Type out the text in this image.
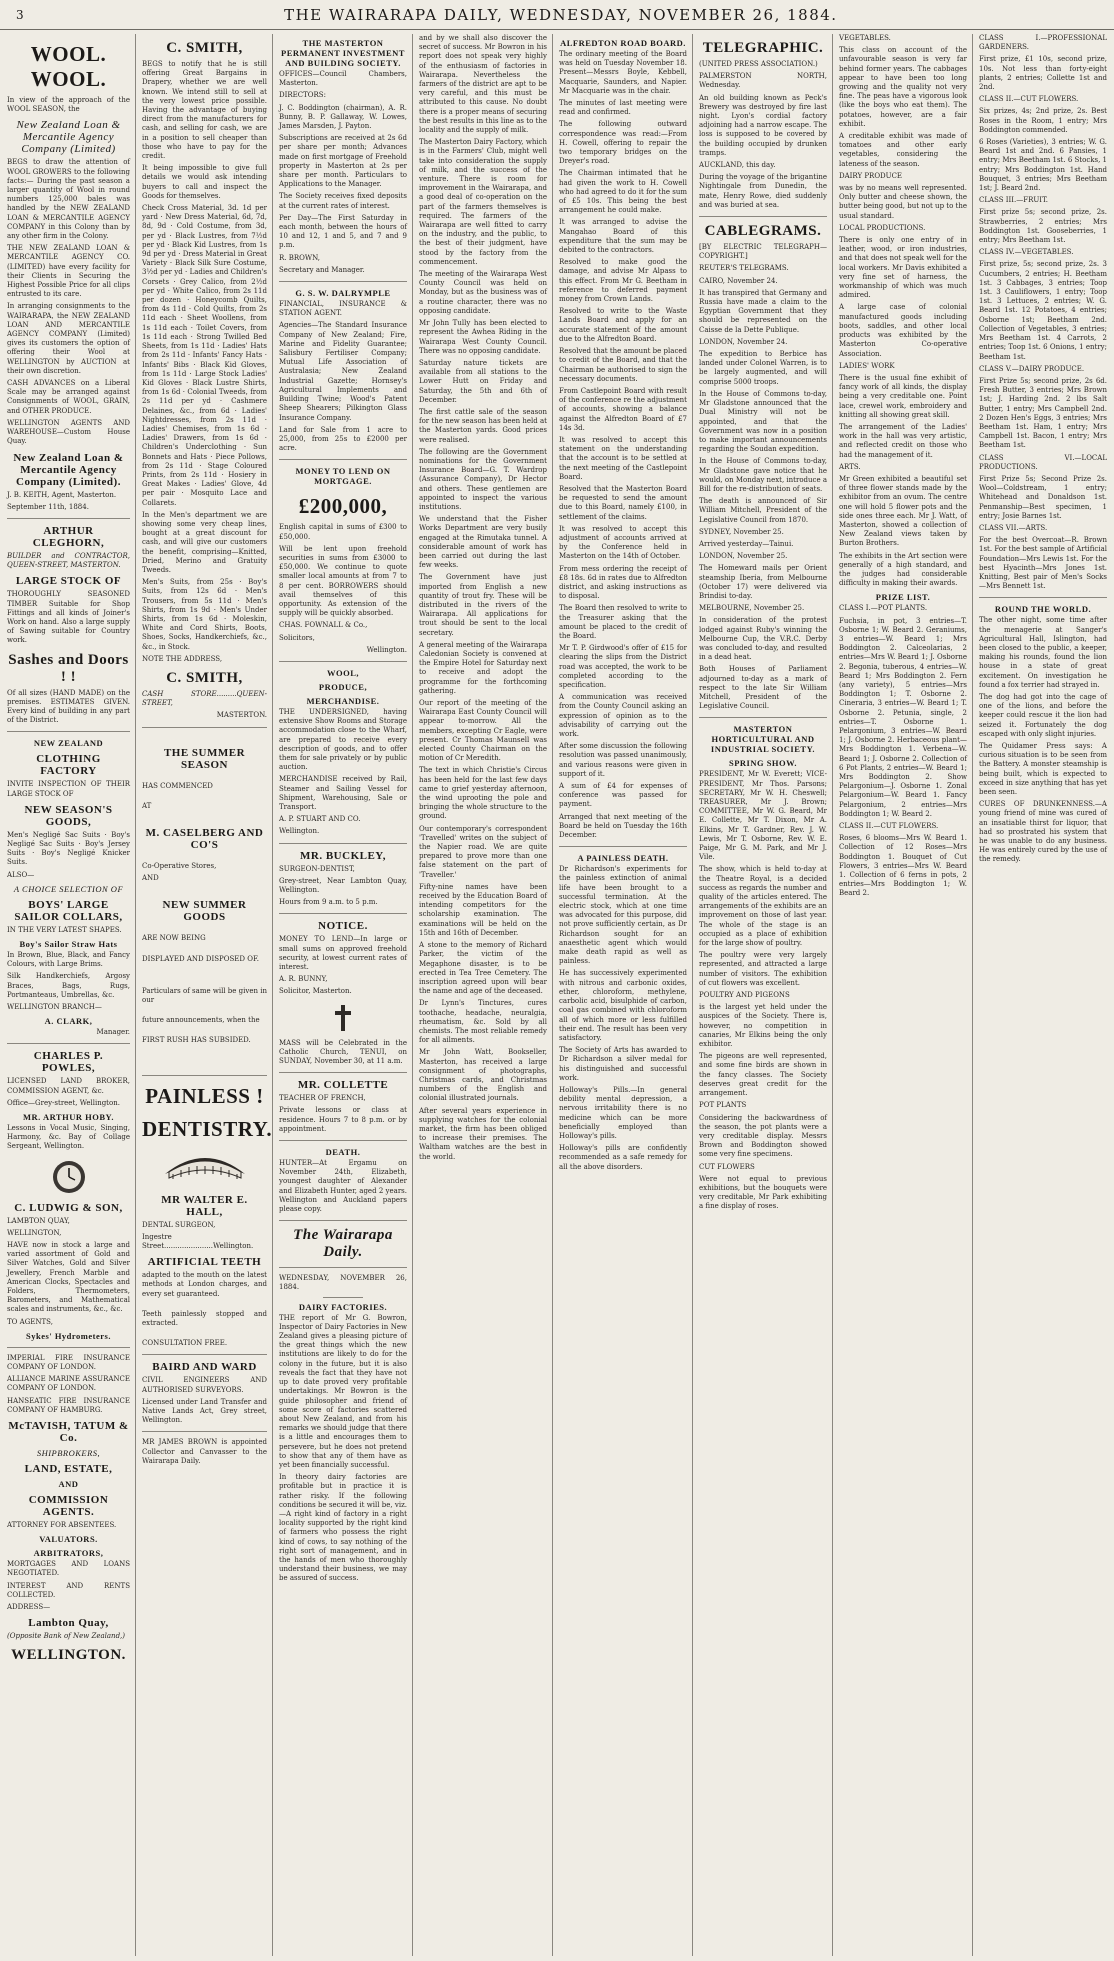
3	THE WAIRARAPA DAILY, WEDNESDAY, NOVEMBER 26, 1884.
WOOL. WOOL.

In view of the approach of the WOOL SEASON, the

New Zealand Loan & Mercantile Agency Company (Limited)

BEGS to draw the attention of WOOL GROWERS to the following facts:— During the past season a larger quantity of Wool in round numbers 125,000 bales was handled by the NEW ZEALAND LOAN & MERCANTILE AGENCY COMPANY in this Colony than by any other firm in the Colony.

THE NEW ZEALAND LOAN & MERCANTILE AGENCY CO. (LIMITED) have every facility for their Clients in Securing the Highest Possible Price for all clips entrusted to its care.

In arranging consignments to the WAIRARAPA, the NEW ZEALAND LOAN AND MERCANTILE AGENCY COMPANY (Limited) gives its customers the option of offering their Wool at WELLINGTON by AUCTION at their own discretion.

CASH ADVANCES on a Liberal Scale may be arranged against Consignments of WOOL, GRAIN, and OTHER PRODUCE.

WELLINGTON AGENTS AND WAREHOUSE—Custom House Quay.

New Zealand Loan & Mercantile Agency Company (Limited).

J. B. KEITH, Agent, Masterton.

September 11th, 1884.

ARTHUR CLEGHORN,

BUILDER and CONTRACTOR, QUEEN-STREET, MASTERTON.

LARGE STOCK OF

THOROUGHLY SEASONED TIMBER Suitable for Shop Fittings and all kinds of Joiner's Work on hand. Also a large supply of Sawing suitable for Country work.

Sashes and Doors ! !

Of all sizes (HAND MADE) on the premises. ESTIMATES GIVEN. Every kind of building in any part of the District.

NEW ZEALAND
CLOTHING FACTORY

INVITE INSPECTION OF THEIR LARGE STOCK OF

NEW SEASON'S GOODS,

Men's Negligé Sac Suits · Boy's Negligé Sac Suits · Boy's Jersey Suits · Boy's Negligé Knicker Suits.

ALSO—

A CHOICE SELECTION OF
BOYS' LARGE SAILOR COLLARS,

IN THE VERY LATEST SHAPES.

Boy's Sailor Straw Hats

In Brown, Blue, Black, and Fancy Colours, with Large Brims.

Silk Handkerchiefs, Argosy Braces, Bags, Rugs, Portmanteaus, Umbrellas, &c.

WELLINGTON BRANCH—

A. CLARK,

Manager.

CHARLES P. POWLES,

LICENSED LAND BROKER, COMMISSION AGENT, &c.

Office—Grey-street, Wellington.

MR. ARTHUR HOBY.

Lessons in Vocal Music, Singing, Harmony, &c. Bay of Collage Sergeant, Wellington.

C. LUDWIG & SON,

LAMBTON QUAY,

WELLINGTON,

HAVE now in stock a large and varied assortment of Gold and Silver Watches, Gold and Silver Jewellery, French Marble and American Clocks, Spectacles and Folders, Thermometers, Barometers, and Mathematical scales and instruments, &c., &c.

TO AGENTS,

Sykes' Hydrometers.

IMPERIAL FIRE INSURANCE COMPANY OF LONDON.

ALLIANCE MARINE ASSURANCE COMPANY OF LONDON.

HANSEATIC FIRE INSURANCE COMPANY OF HAMBURG.

McTAVISH, TATUM & Co.
SHIPBROKERS,
LAND, ESTATE,
AND
COMMISSION AGENTS.

ATTORNEY FOR ABSENTEES.

VALUATORS.
ARBITRATORS,

MORTGAGES AND LOANS NEGOTIATED.

INTEREST AND RENTS COLLECTED.

ADDRESS—

Lambton Quay,

(Opposite Bank of New Zealand,)

WELLINGTON.
C. SMITH,

BEGS to notify that he is still offering Great Bargains in Drapery, whether we are well known. We intend still to sell at the very lowest price possible. Having the advantage of buying direct from the manufacturers for cash, and selling for cash, we are in a position to sell cheaper than those who have to pay for the credit.

It being impossible to give full details we would ask intending buyers to call and inspect the Goods for themselves.

Check Cross Material, 3d. 1d per yard · New Dress Material, 6d, 7d, 8d, 9d · Cold Costume, from 3d, per yd · Black Lustres, from 7½d per yd · Black Kid Lustres, from 1s 9d per yd · Dress Material in Great Variety · Black Silk Sure Costume, 3½d per yd · Ladies and Children's Corsets · Grey Calico, from 2½d per yd · White Calico, from 2s 11d per dozen · Honeycomb Quilts, from 4s 11d · Cold Quilts, from 2s 11d each · Sheet Woollens, from 1s 11d each · Toilet Covers, from 1s 11d each · Strong Twilled Bed Sheets, from 1s 11d · Ladies' Hats from 2s 11d · Infants' Fancy Hats · Infants' Bibs · Black Kid Gloves, from 1s 11d · Large Stock Ladies' Kid Gloves · Black Lustre Shirts, from 1s 6d · Colonial Tweeds, from 2s 11d per yd · Cashmere Delaines, &c., from 6d · Ladies' Nightdresses, from 2s 11d · Ladies' Chemises, from 1s 6d · Ladies' Drawers, from 1s 6d · Children's Underclothing · Sun Bonnets and Hats · Piece Pollows, from 2s 11d · Stage Coloured Prints, from 2s 11d · Hosiery in Great Makes · Ladies' Glove, 4d per pair · Mosquito Lace and Collarets.

In the Men's department we are showing some very cheap lines, bought at a great discount for cash, and will give our customers the benefit, comprising—Knitted, Dried, Merino and Gratuity Tweeds.

Men's Suits, from 25s · Boy's Suits, from 12s 6d · Men's Trousers, from 5s 11d · Men's Shirts, from 1s 9d · Men's Under Shirts, from 1s 6d · Moleskin, White and Cord Shirts, Boots, Shoes, Socks, Handkerchiefs, &c., &c., in Stock.

NOTE THE ADDRESS,

C. SMITH,

CASH STORE.........QUEEN-STREET,

MASTERTON.

THE SUMMER SEASON

HAS COMMENCED

AT

M. CASELBERG AND CO'S

Co-Operative Stores,

AND

NEW SUMMER GOODS

ARE NOW BEING

DISPLAYED AND DISPOSED OF.

Particulars of same will be given in our

future announcements, when the

FIRST RUSH HAS SUBSIDED.

PAINLESS !
DENTISTRY.
MR WALTER E. HALL,

DENTAL SURGEON,

Ingestre Street......................Wellington.

ARTIFICIAL TEETH

adapted to the mouth on the latest methods at London charges, and every set guaranteed.

Teeth painlessly stopped and extracted.

CONSULTATION FREE.

BAIRD AND WARD

CIVIL ENGINEERS AND AUTHORISED SURVEYORS.

Licensed under Land Transfer and Native Lands Act, Grey street, Wellington.

MR JAMES BROWN is appointed Collector and Canvasser to the Wairarapa Daily.

THE MASTERTON PERMANENT INVESTMENT AND BUILDING SOCIETY.

OFFICES—Council Chambers, Masterton.

DIRECTORS:

J. C. Boddington (chairman), A. R. Bunny, B. P. Gallaway, W. Lowes, James Marsden, J. Payton.

Subscriptions are received at 2s 6d per share per month; Advances made on first mortgage of Freehold property in Masterton at 2s per share per month. Particulars to Applications to the Manager.

The Society receives fixed deposits at the current rates of interest.

Per Day—The First Saturday in each month, between the hours of 10 and 12, 1 and 5, and 7 and 9 p.m.

R. BROWN,

Secretary and Manager.

G. S. W. DALRYMPLE

FINANCIAL, INSURANCE & STATION AGENT.

Agencies—The Standard Insurance Company of New Zealand; Fire, Marine and Fidelity Guarantee; Salisbury Fertiliser Company; Mutual Life Association of Australasia; New Zealand Industrial Gazette; Hornsey's Agricultural Implements and Building Twine; Wood's Patent Sheep Shearers; Pilkington Glass Insurance Company.

Land for Sale from 1 acre to 25,000, from 25s to £2000 per acre.

MONEY TO LEND ON MORTGAGE.
£200,000,

English capital in sums of £300 to £50,000.

Will be lent upon freehold securities in sums from £3000 to £50,000. We continue to quote smaller local amounts at from 7 to 8 per cent. BORROWERS should avail themselves of this opportunity. As extension of the supply will be quickly absorbed.

CHAS. FOWNALL & Co.,

Solicitors,

Wellington.

WOOL,
PRODUCE,
MERCHANDISE.

THE UNDERSIGNED, having extensive Show Rooms and Storage accommodation close to the Wharf, are prepared to receive every description of goods, and to offer them for sale privately or by public auction.

MERCHANDISE received by Rail, Steamer and Sailing Vessel for Shipment, Warehousing, Sale or Transport.

A. P. STUART AND CO.

Wellington.

MR. BUCKLEY,

SURGEON-DENTIST,

Grey-street, Near Lambton Quay, Wellington.

Hours from 9 a.m. to 5 p.m.

NOTICE.

MONEY TO LEND—In large or small sums on approved freehold security, at lowest current rates of interest.

A. R. BUNNY,

Solicitor, Masterton.

MASS will be Celebrated in the Catholic Church, TENUI, on SUNDAY, November 30, at 11 a.m.

MR. COLLETTE

TEACHER OF FRENCH,

Private lessons or class at residence. Hours 7 to 8 p.m. or by appointment.

DEATH.

HUNTER—At Ergamu on November 24th, Elizabeth, youngest daughter of Alexander and Elizabeth Hunter, aged 2 years. Wellington and Auckland papers please copy.

The Wairarapa Daily.

WEDNESDAY, NOVEMBER 26, 1884.

DAIRY FACTORIES.

THE report of Mr G. Bowron, Inspector of Dairy Factories in New Zealand gives a pleasing picture of the great things which the new institutions are likely to do for the colony in the future, but it is also reveals the fact that they have not up to date proved very profitable undertakings. Mr Bowron is the guide philosopher and friend of some score of factories scattered about New Zealand, and from his remarks we should judge that there is a little and encourages them to persevere, but he does not pretend to show that any of them have as yet been financially successful.

In theory dairy factories are profitable but in practice it is rather risky. If the following conditions be secured it will be, viz.—A right kind of factory in a right locality supported by the right kind of farmers who possess the right kind of cows, to say nothing of the right sort of management, and in the hands of men who thoroughly understand their business, we may be assured of success.

and by we shall also discover the secret of success. Mr Bowron in his report does not speak very highly of the enthusiasm of factories in Wairarapa. Nevertheless the farmers of the district are apt to be very careful, and this must be attributed to this cause. No doubt there is a proper means of securing the best results in this line as to the locality and the supply of milk.

The Masterton Dairy Factory, which is in the Farmers' Club, might well take into consideration the supply of milk, and the success of the venture. There is room for improvement in the Wairarapa, and a good deal of co-operation on the part of the farmers themselves is required. The farmers of the Wairarapa are well fitted to carry on the industry, and the public, to the best of their judgment, have stood by the factory from the commencement.

The meeting of the Wairarapa West County Council was held on Monday, but as the business was of a routine character, there was no opposing candidate.

Mr John Tully has been elected to represent the Awhea Riding in the Wairarapa West County Council. There was no opposing candidate.

Saturday nature tickets are available from all stations to the Lower Hutt on Friday and Saturday, the 5th and 6th of December.

The first cattle sale of the season for the new season has been held at the Masterton yards. Good prices were realised.

The following are the Government nominations for the Government Insurance Board—G. T. Wardrop (Assurance Company), Dr Hector and others. These gentlemen are appointed to inspect the various institutions.

We understand that the Fisher Works Department are very busily engaged at the Rimutaka tunnel. A considerable amount of work has been carried out during the last few weeks.

The Government have just imported from English a new quantity of trout fry. These will be distributed in the rivers of the Wairarapa. All applications for trout should be sent to the local secretary.

A general meeting of the Wairarapa Caledonian Society is convened at the Empire Hotel for Saturday next to receive and adopt the programme for the forthcoming gathering.

Our report of the meeting of the Wairarapa East County Council will appear to-morrow. All the members, excepting Cr Eagle, were present. Cr Thomas Maunsell was elected County Chairman on the motion of Cr Meredith.

The text in which Christie's Circus has been held for the last few days came to grief yesterday afternoon, the wind uprooting the pole and bringing the whole structure to the ground.

Our contemporary's correspondent 'Travelled' writes on the subject of the Napier road. We are quite prepared to prove more than one false statement on the part of 'Traveller.'

Fifty-nine names have been received by the Education Board of intending competitors for the scholarship examination. The examinations will be held on the 15th and 16th of December.

A stone to the memory of Richard Parker, the victim of the Megaphone disaster, is to be erected in Tea Tree Cemetery. The inscription agreed upon will bear the name and age of the deceased.

Dr Lynn's Tinctures, cures toothache, headache, neuralgia, rheumatism, &c. Sold by all chemists. The most reliable remedy for all ailments.

Mr John Watt, Bookseller, Masterton, has received a large consignment of photographs, Christmas cards, and Christmas numbers of the English and colonial illustrated journals.

After several years experience in supplying watches for the colonial market, the firm has been obliged to increase their premises. The Waltham watches are the best in the world.

ALFREDTON ROAD BOARD.

The ordinary meeting of the Board was held on Tuesday November 18. Present—Messrs Boyle, Kebbell, Macquarie, Saunders, and Napier. Mr Macquarie was in the chair.

The minutes of last meeting were read and confirmed.

The following outward correspondence was read:—From H. Cowell, offering to repair the two temporary bridges on the Dreyer's road.

The Chairman intimated that he had given the work to H. Cowell who had agreed to do it for the sum of £5 10s. This being the best arrangement he could make.

It was arranged to advise the Mangahao Board of this expenditure that the sum may be debited to the contractors.

Resolved to make good the damage, and advise Mr Alpass to this effect. From Mr G. Beetham in reference to deferred payment money from Crown Lands.

Resolved to write to the Waste Lands Board and apply for an accurate statement of the amount due to the Alfredton Board.

Resolved that the amount be placed to credit of the Board, and that the Chairman be authorised to sign the necessary documents.

From Castlepoint Board with result of the conference re the adjustment of accounts, showing a balance against the Alfredton Board of £7 14s 3d.

It was resolved to accept this statement on the understanding that the account is to be settled at the next meeting of the Castlepoint Board.

Resolved that the Masterton Board be requested to send the amount due to this Board, namely £100, in settlement of the claims.

It was resolved to accept this adjustment of accounts arrived at by the Conference held in Masterton on the 14th of October.

From mess ordering the receipt of £8 18s. 6d in rates due to Alfredton district, and asking instructions as to disposal.

The Board then resolved to write to the Treasurer asking that the amount be placed to the credit of the Board.

Mr T. P. Girdwood's offer of £15 for clearing the slips from the District road was accepted, the work to be completed according to the specification.

A communication was received from the County Council asking an expression of opinion as to the advisability of carrying out the work.

After some discussion the following resolution was passed unanimously, and various reasons were given in support of it.

A sum of £4 for expenses of conference was passed for payment.

Arranged that next meeting of the Board be held on Tuesday the 16th December.

A PAINLESS DEATH.

Dr Richardson's experiments for the painless extinction of animal life have been brought to a successful termination. At the electric stock, which at one time was advocated for this purpose, did not prove sufficiently certain, as Dr Richardson sought for an anaesthetic agent which would make death rapid as well as painless.

He has successively experimented with nitrous and carbonic oxides, ether, chloroform, methylene, carbolic acid, bisulphide of carbon, coal gas combined with chloroform all of which more or less fulfilled their end. The result has been very satisfactory.

The Society of Arts has awarded to Dr Richardson a silver medal for his distinguished and successful work.

Holloway's Pills.—In general debility mental depression, a nervous irritability there is no medicine which can be more beneficially employed than Holloway's pills.

Holloway's pills are confidently recommended as a safe remedy for all the above disorders.

TELEGRAPHIC.

(UNITED PRESS ASSOCIATION.)

PALMERSTON NORTH, Wednesday.

An old building known as Peck's Brewery was destroyed by fire last night. Lyon's cordial factory adjoining had a narrow escape. The loss is supposed to be covered by the building occupied by drunken tramps.

AUCKLAND, this day.

During the voyage of the brigantine Nightingale from Dunedin, the mate, Henry Rowe, died suddenly and was buried at sea.

CABLEGRAMS.

[BY ELECTRIC TELEGRAPH—COPYRIGHT.]

REUTER'S TELEGRAMS.

CAIRO, November 24.

It has transpired that Germany and Russia have made a claim to the Egyptian Government that they should be represented on the Caisse de la Dette Publique.

LONDON, November 24.

The expedition to Berbice has landed under Colonel Warren, is to be largely augmented, and will comprise 5000 troops.

In the House of Commons to-day, Mr Gladstone announced that the Dual Ministry will not be appointed, and that the Government was now in a position to make important announcements regarding the Soudan expedition.

In the House of Commons to-day, Mr Gladstone gave notice that he would, on Monday next, introduce a Bill for the re-distribution of seats.

The death is announced of Sir William Mitchell, President of the Legislative Council from 1870.

SYDNEY, November 25.

Arrived yesterday—Tainui.

LONDON, November 25.

The Homeward mails per Orient steamship Iberia, from Melbourne (October 17) were delivered via Brindisi to-day.

MELBOURNE, November 25.

In consideration of the protest lodged against Ruby's winning the Melbourne Cup, the V.R.C. Derby was concluded to-day, and resulted in a dead heat.

Both Houses of Parliament adjourned to-day as a mark of respect to the late Sir William Mitchell, President of the Legislative Council.

MASTERTON HORTICULTURAL AND INDUSTRIAL SOCIETY.
SPRING SHOW.

PRESIDENT, Mr W. Everett; VICE-PRESIDENT, Mr Thos. Parsons; SECRETARY, Mr W. H. Cheswell; TREASURER, Mr J. Brown; COMMITTEE, Mr W. G. Beard, Mr E. Collette, Mr T. Dixon, Mr A. Elkins, Mr T. Gardner, Rev. J. W. Lewis, Mr T. Osborne, Rev. W. E. Paige, Mr G. M. Park, and Mr J. Vile.

The show, which is held to-day at the Theatre Royal, is a decided success as regards the number and quality of the articles entered. The arrangements of the exhibits are an improvement on those of last year. The whole of the stage is an occupied as a place of exhibition for the large show of poultry.

The poultry were very largely represented, and attracted a large number of visitors. The exhibition of cut flowers was excellent.

POULTRY AND PIGEONS

is the largest yet held under the auspices of the Society. There is, however, no competition in canaries, Mr Elkins being the only exhibitor.

The pigeons are well represented, and some fine birds are shown in the fancy classes. The Society deserves great credit for the arrangement.

POT PLANTS

Considering the backwardness of the season, the pot plants were a very creditable display. Messrs Brown and Boddington showed some very fine specimens.

CUT FLOWERS

Were not equal to previous exhibitions, but the bouquets were very creditable, Mr Park exhibiting a fine display of roses.

VEGETABLES.

This class on account of the unfavourable season is very far behind former years. The cabbages appear to have been too long growing and the quality not very fine. The peas have a vigorous look (like the boys who eat them). The potatoes, however, are a fair exhibit.

A creditable exhibit was made of tomatoes and other early vegetables, considering the lateness of the season.

DAIRY PRODUCE

was by no means well represented. Only butter and cheese shown, the butter being good, but not up to the usual standard.

LOCAL PRODUCTIONS.

There is only one entry of in leather, wood, or iron industries, and that does not speak well for the local workers. Mr Davis exhibited a very fine set of harness, the workmanship of which was much admired.

A large case of colonial manufactured goods including boots, saddles, and other local products was exhibited by the Masterton Co-operative Association.

LADIES' WORK

There is the usual fine exhibit of fancy work of all kinds, the display being a very creditable one. Point lace, crewel work, embroidery and knitting all showing great skill.

The arrangement of the Ladies' work in the hall was very artistic, and reflected credit on those who had the management of it.

ARTS.

Mr Green exhibited a beautiful set of three flower stands made by the exhibitor from an ovum. The centre one will hold 5 flower pots and the side ones three each. Mr J. Watt, of Masterton, showed a collection of New Zealand views taken by Burton Brothers.

The exhibits in the Art section were generally of a high standard, and the judges had considerable difficulty in making their awards.

PRIZE LIST.

CLASS I.—POT PLANTS.

Fuchsia, in pot, 3 entries—T. Osborne 1; W. Beard 2. Geraniums, 3 entries—W. Beard 1; Mrs Boddington 2. Calceolarias, 2 entries—Mrs W. Beard 1; J. Osborne 2. Begonia, tuberous, 4 entries—W. Beard 1; Mrs Boddington 2. Fern (any variety), 5 entries—Mrs Boddington 1; T. Osborne 2. Cineraria, 3 entries—W. Beard 1; T. Osborne 2. Petunia, single, 2 entries—T. Osborne 1. Pelargonium, 3 entries—W. Beard 1; J. Osborne 2. Herbaceous plant—Mrs Boddington 1. Verbena—W. Beard 1; J. Osborne 2. Collection of 6 Pot Plants, 2 entries—W. Beard 1; Mrs Boddington 2. Show Pelargonium—J. Osborne 1. Zonal Pelargonium—W. Beard 1. Fancy Pelargonium, 2 entries—Mrs Boddington 1; W. Beard 2.

CLASS II.—CUT FLOWERS.

Roses, 6 blooms—Mrs W. Beard 1. Collection of 12 Roses—Mrs Boddington 1. Bouquet of Cut Flowers, 3 entries—Mrs W. Beard 1. Collection of 6 ferns in pots, 2 entries—Mrs Boddington 1; W. Beard 2.

CLASS I.—PROFESSIONAL GARDENERS.

First prize, £1 10s, second prize, 10s. Not less than forty-eight plants, 2 entries; Collette 1st and 2nd.

CLASS II.—CUT FLOWERS.

Six prizes, 4s; 2nd prize, 2s. Best Roses in the Room, 1 entry; Mrs Boddington commended.

6 Roses (Varieties), 3 entries; W. G. Beard 1st and 2nd. 6 Pansies, 1 entry; Mrs Beetham 1st. 6 Stocks, 1 entry; Mrs Boddington 1st. Hand Bouquet, 3 entries; Mrs Beetham 1st; J. Beard 2nd.

CLASS III.—FRUIT.

First prize 5s; second prize, 2s. Strawberries, 2 entries; Mrs Boddington 1st. Gooseberries, 1 entry; Mrs Beetham 1st.

CLASS IV.—VEGETABLES.

First prize, 5s; second prize, 2s. 3 Cucumbers, 2 entries; H. Beetham 1st. 3 Cabbages, 3 entries; Toop 1st. 3 Cauliflowers, 1 entry; Toop 1st. 3 Lettuces, 2 entries; W. G. Beard 1st. 12 Potatoes, 4 entries; Osborne 1st; Beetham 2nd. Collection of Vegetables, 3 entries; Mrs Beetham 1st. 4 Carrots, 2 entries; Toop 1st. 6 Onions, 1 entry; Beetham 1st.

CLASS V.—DAIRY PRODUCE.

First Prize 5s; second prize, 2s 6d. Fresh Butter, 3 entries; Mrs Brown 1st; J. Harding 2nd. 2 lbs Salt Butter, 1 entry; Mrs Campbell 2nd. 2 Dozen Hen's Eggs, 3 entries; Mrs Beetham 1st. Ham, 1 entry; Mrs Campbell 1st. Bacon, 1 entry; Mrs Beetham 1st.

CLASS VI.—LOCAL PRODUCTIONS.

First Prize 5s; Second Prize 2s. Wool—Coldstream, 1 entry; Whitehead and Donaldson 1st. Penmanship—Best specimen, 1 entry; Josie Barnes 1st.

CLASS VII.—ARTS.

For the best Overcoat—R. Brown 1st. For the best sample of Artificial Foundation—Mrs Lewis 1st. For the best Hyacinth—Mrs Jones 1st. Knitting, Best pair of Men's Socks—Mrs Bennett 1st.

ROUND THE WORLD.

The other night, some time after the menagerie at Sanger's Agricultural Hall, Islington, had been closed to the public, a keeper, making his rounds, found the lion house in a state of great excitement. On investigation he found a fox terrier had strayed in.

The dog had got into the cage of one of the lions, and before the keeper could rescue it the lion had seized it. Fortunately the dog escaped with only slight injuries.

The Quidamer Press says: A curious situation is to be seen from the Battery. A monster steamship is being built, which is expected to exceed in size anything that has yet been seen.

CURES OF DRUNKENNESS.—A young friend of mine was cured of an insatiable thirst for liquor, that had so prostrated his system that he was unable to do any business. He was entirely cured by the use of the remedy.
